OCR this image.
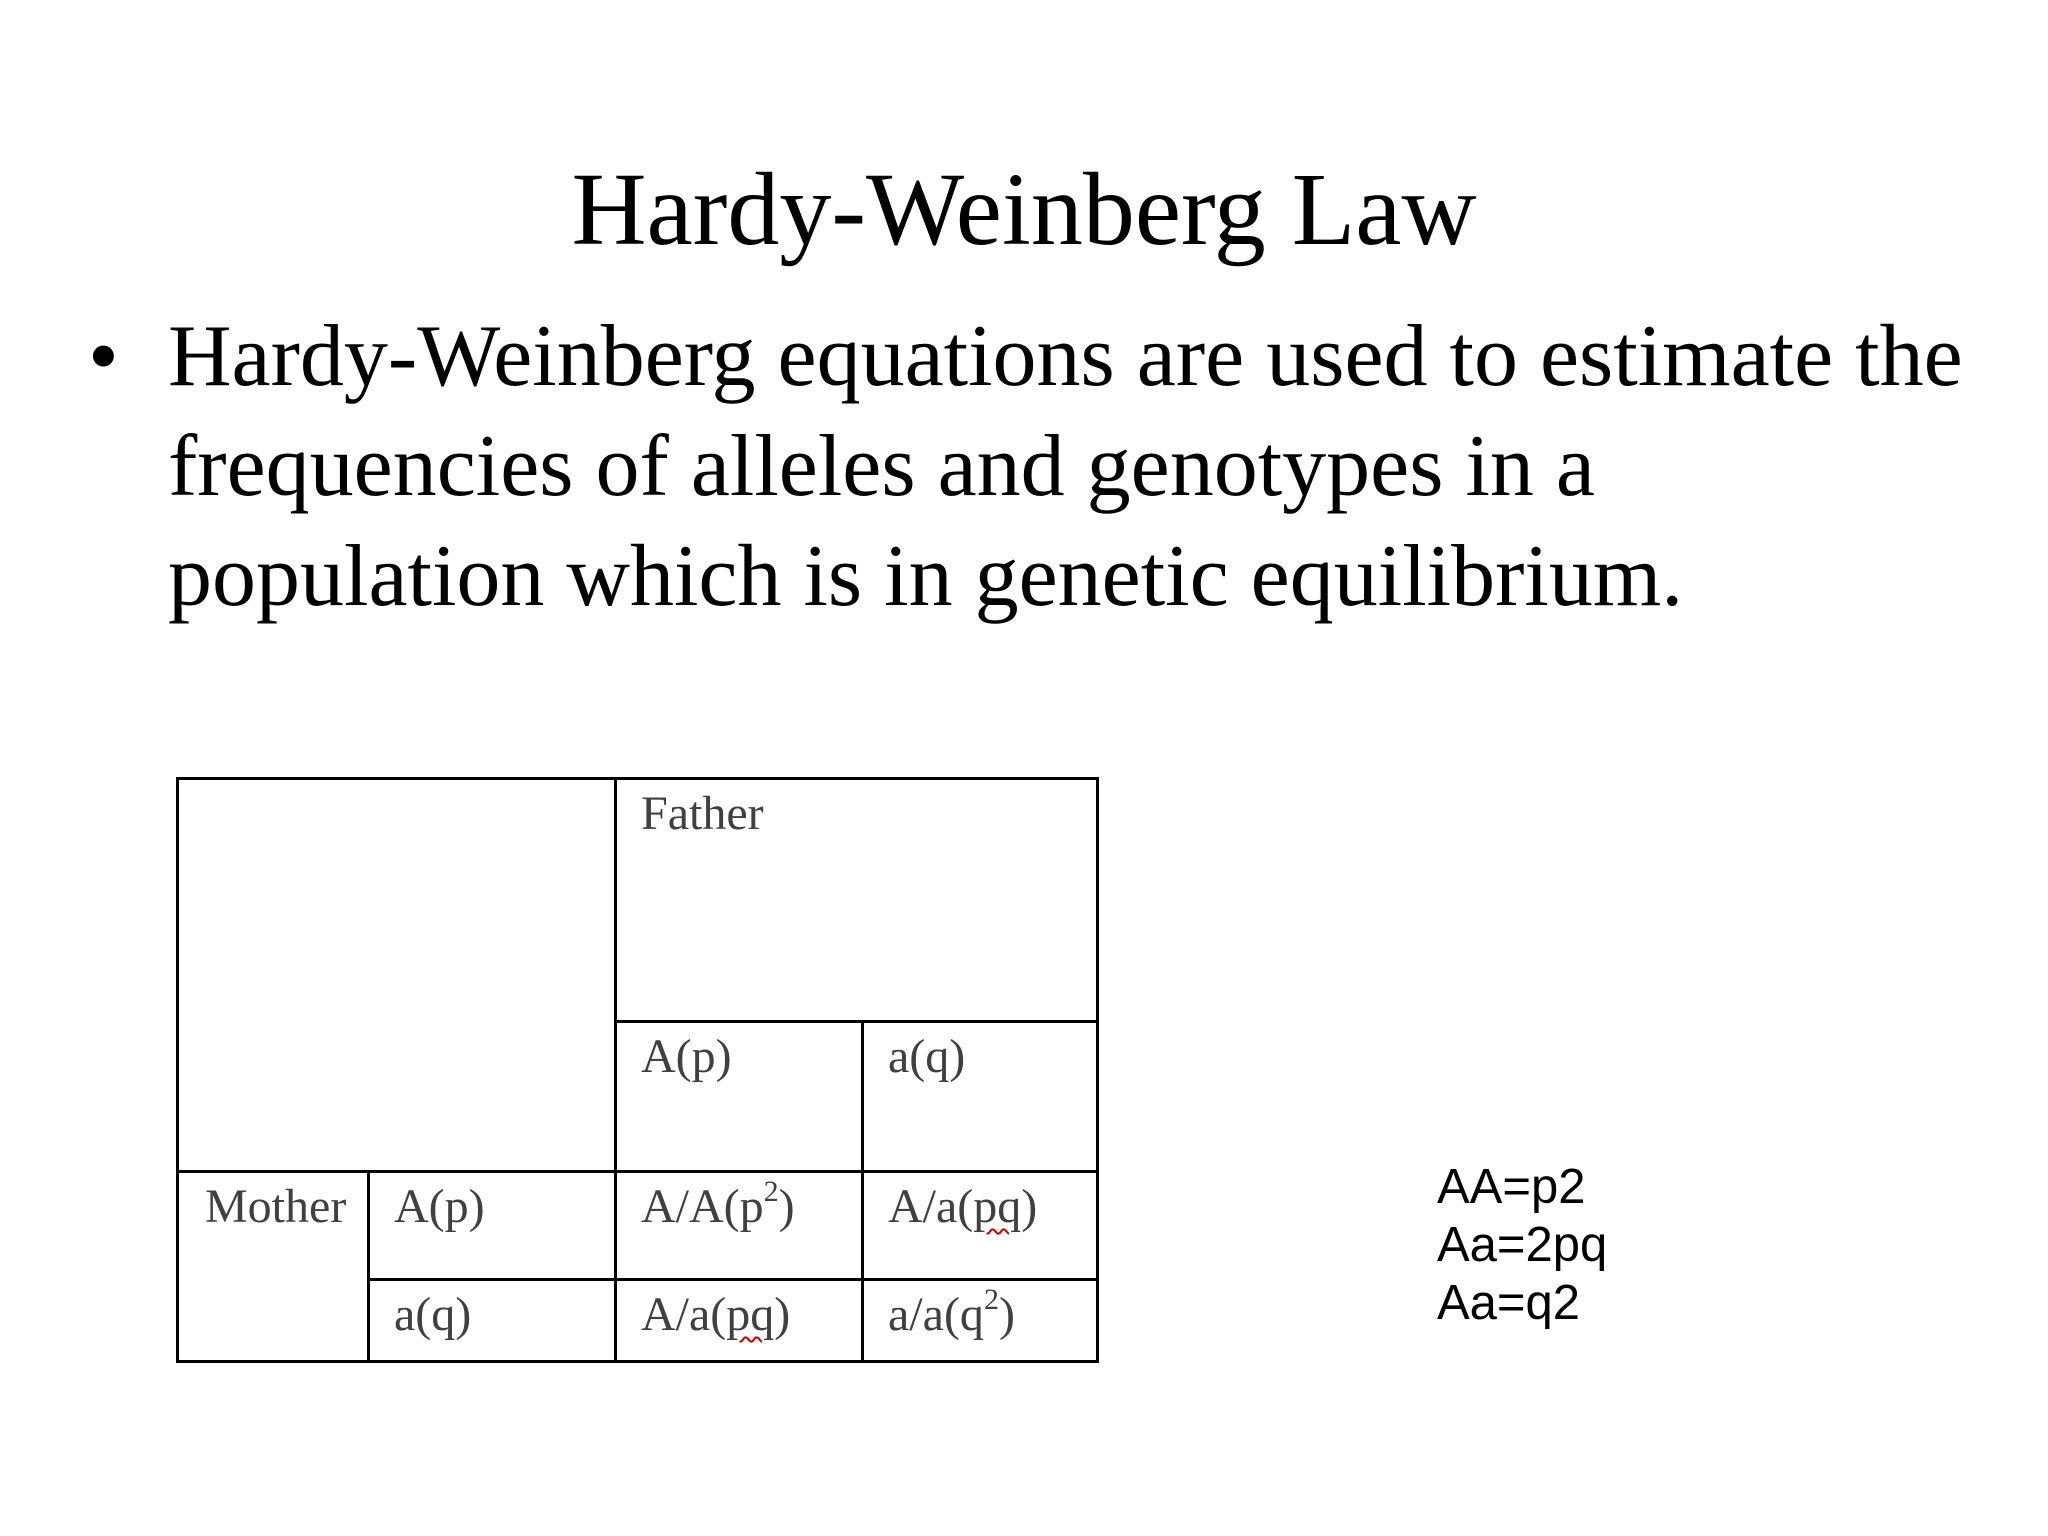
Hardy-Weinberg Law
• Hardy-Weinberg equations are used to estimate the frequencies of alleles and genotypes in a population which is in genetic equilibrium.
		Father	
		A(p)	a(q)
Mother	A(p)	$A/A(p^2)$	A/a(pq)
	a(q)	A/a(pq)	$a/a(q^2)$
AA=p2
Aa=2pq
Aa=q2
